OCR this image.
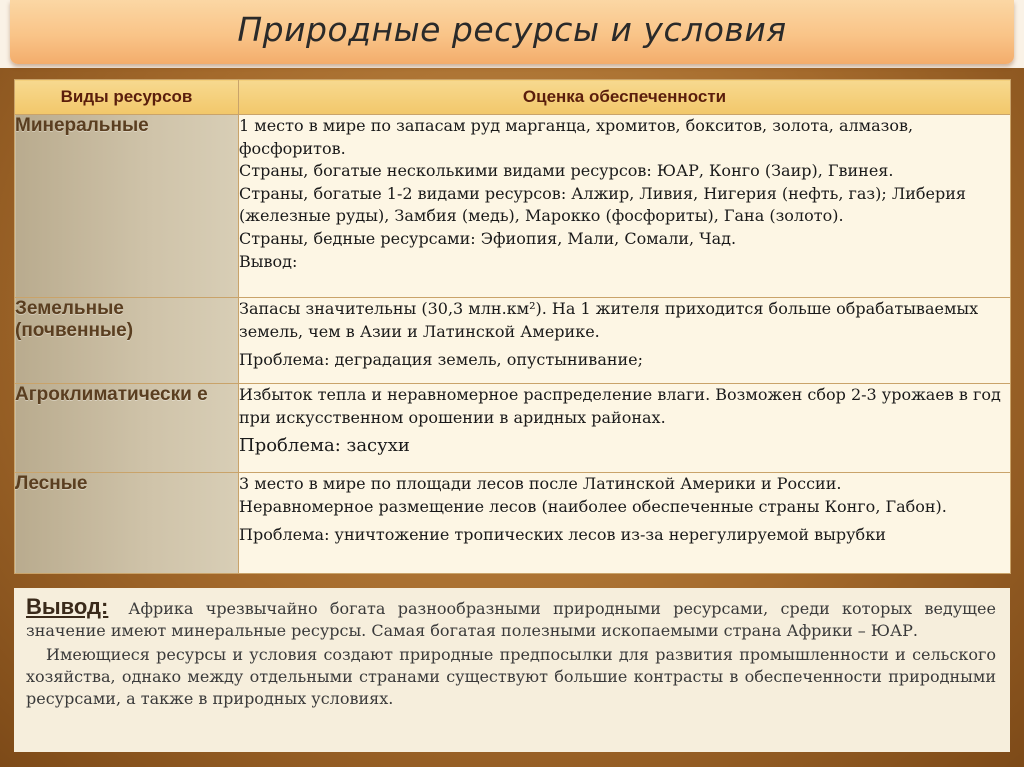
Природные ресурсы и условия
Виды ресурсов	Оценка обеспеченности
Минеральные	1 место в мире по запасам руд марганца, хромитов, бокситов, золота, алмазов, фосфоритов.
Страны, богатые несколькими видами ресурсов: ЮАР, Конго (Заир), Гвинея.
Страны, богатые 1-2 видами ресурсов: Алжир, Ливия, Нигерия (нефть, газ); Либерия (железные руды), Замбия (медь), Марокко (фосфориты), Гана (золото).
Страны, бедные ресурсами: Эфиопия, Мали, Сомали, Чад.
Вывод:

Земельные (почвенные)	Запасы значительны (30,3 млн.км²). На 1 жителя приходится больше обрабатываемых земель, чем в Азии и Латинской Америке.
Проблема: деградация земель, опустынивание;

Агроклиматически е	Избыток тепла и неравномерное распределение влаги. Возможен сбор 2-3 урожаев в год при искусственном орошении в аридных районах.
Проблема: засухи

Лесные	3 место в мире по площади лесов после Латинской Америки и России.
Неравномерное размещение лесов (наиболее обеспеченные страны Конго, Габон).
Проблема: уничтожение тропических лесов из-за нерегулируемой вырубки
Вывод: Африка чрезвычайно богата разнообразными природными ресурсами, среди которых ведущее значение имеют минеральные ресурсы. Самая богатая полезными ископаемыми страна Африки – ЮАР.
Имеющиеся ресурсы и условия создают природные предпосылки для развития промышленности и сельского хозяйства, однако между отдельными странами существуют большие контрасты в обеспеченности природными ресурсами, а также в природных условиях.
